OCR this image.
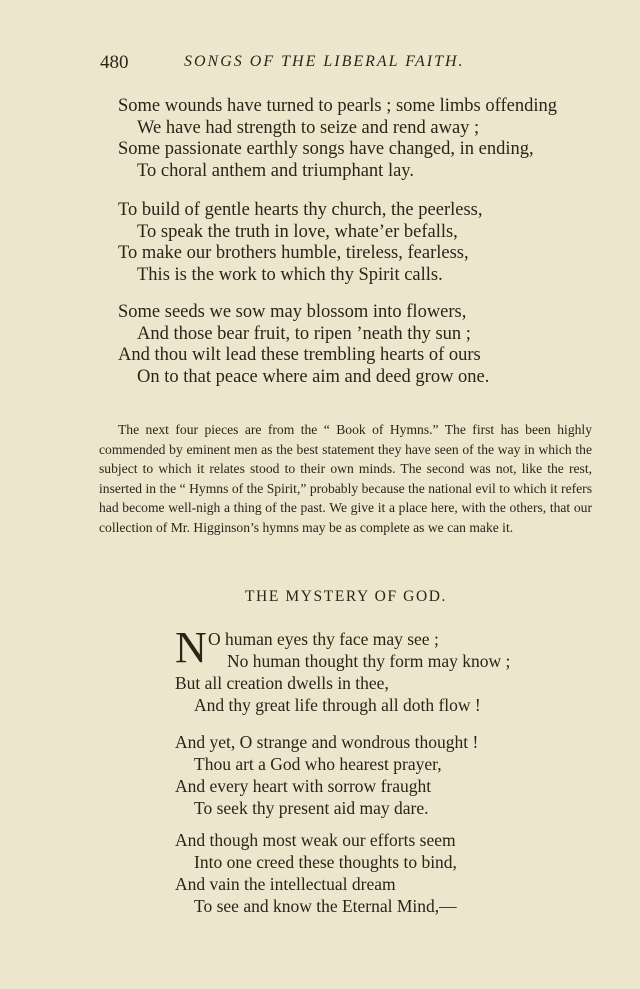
480	SONGS OF THE LIBERAL FAITH.
Some wounds have turned to pearls ; some limbs offending
We have had strength to seize and rend away ;
Some passionate earthly songs have changed, in ending,
To choral anthem and triumphant lay.
To build of gentle hearts thy church, the peerless,
To speak the truth in love, whate’er befalls,
To make our brothers humble, tireless, fearless,
This is the work to which thy Spirit calls.
Some seeds we sow may blossom into flowers,
And those bear fruit, to ripen ’neath thy sun ;
And thou wilt lead these trembling hearts of ours
On to that peace where aim and deed grow one.

The next four pieces are from the “ Book of Hymns.” The first has been highly commended by eminent men as the best statement they have seen of the way in which the subject to which it relates stood to their own minds. The second was not, like the rest, inserted in the “ Hymns of the Spirit,” probably because the national evil to which it refers had become well-nigh a thing of the past. We give it a place here, with the others, that our collection of Mr. Higginson’s hymns may be as complete as we can make it.

THE MYSTERY OF GOD.
N O human eyes thy face may see ;
No human thought thy form may know ;
But all creation dwells in thee,
And thy great life through all doth flow !
And yet, O strange and wondrous thought !
Thou art a God who hearest prayer,
And every heart with sorrow fraught
To seek thy present aid may dare.
And though most weak our efforts seem
Into one creed these thoughts to bind,
And vain the intellectual dream
To see and know the Eternal Mind,—
